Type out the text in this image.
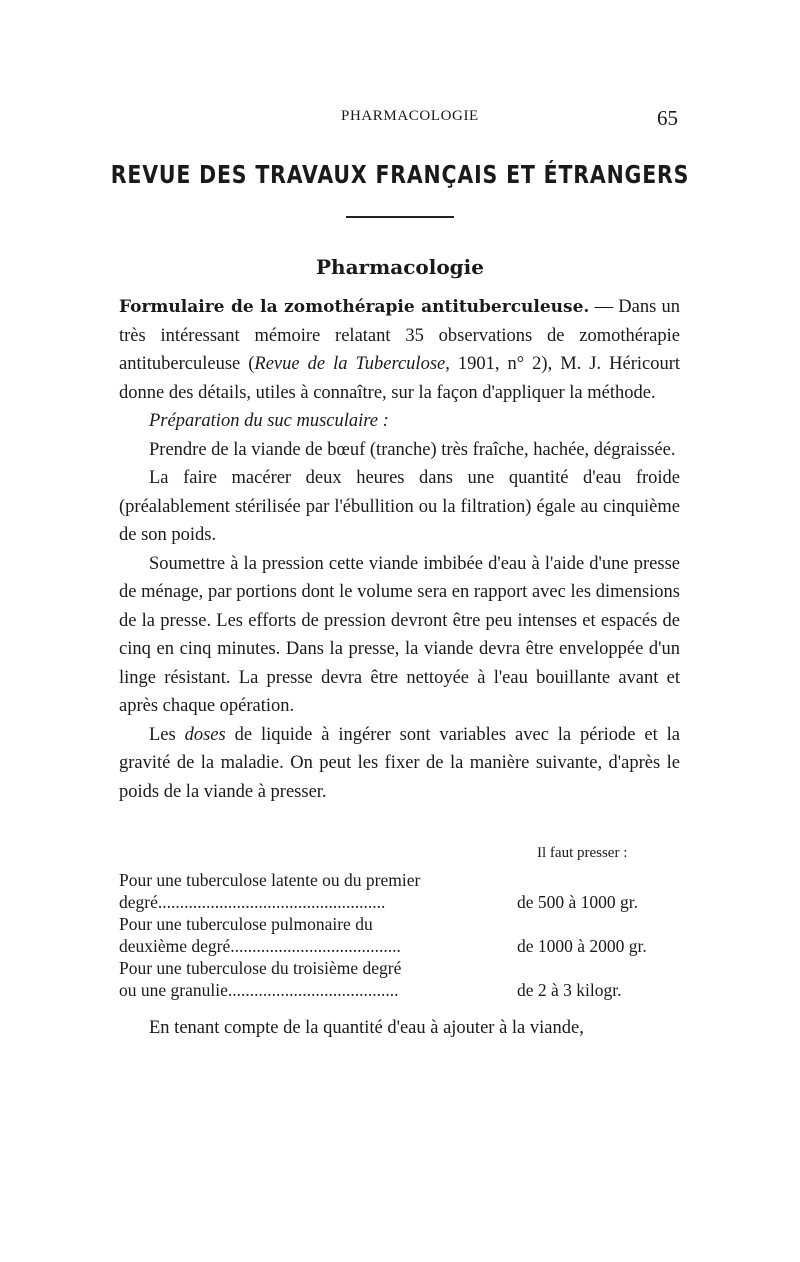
PHARMACOLOGIE	65
REVUE DES TRAVAUX FRANÇAIS ET ÉTRANGERS
Pharmacologie

Formulaire de la zomothérapie antituberculeuse. — Dans un très intéressant mémoire relatant 35 observations de zomothérapie antituberculeuse (Revue de la Tuberculose, 1901, n° 2), M. J. Héricourt donne des détails, utiles à connaître, sur la façon d'appliquer la méthode.

Préparation du suc musculaire :

Prendre de la viande de bœuf (tranche) très fraîche, hachée, dégraissée.

La faire macérer deux heures dans une quantité d'eau froide (préalablement stérilisée par l'ébullition ou la filtration) égale au cinquième de son poids.

Soumettre à la pression cette viande imbibée d'eau à l'aide d'une presse de ménage, par portions dont le volume sera en rapport avec les dimensions de la presse. Les efforts de pression devront être peu intenses et espacés de cinq en cinq minutes. Dans la presse, la viande devra être enveloppée d'un linge résistant. La presse devra être nettoyée à l'eau bouillante avant et après chaque opération.

Les doses de liquide à ingérer sont variables avec la période et la gravité de la maladie. On peut les fixer de la manière suivante, d'après le poids de la viande à presser.

Il faut presser :
Pour une tuberculose latente ou du premier
degré....................................................	de 500 à 1000 gr.
Pour une tuberculose pulmonaire du
deuxième degré.......................................	de 1000 à 2000 gr.
Pour une tuberculose du troisième degré
ou une granulie.......................................	de 2 à 3 kilogr.
En tenant compte de la quantité d'eau à ajouter à la viande,
